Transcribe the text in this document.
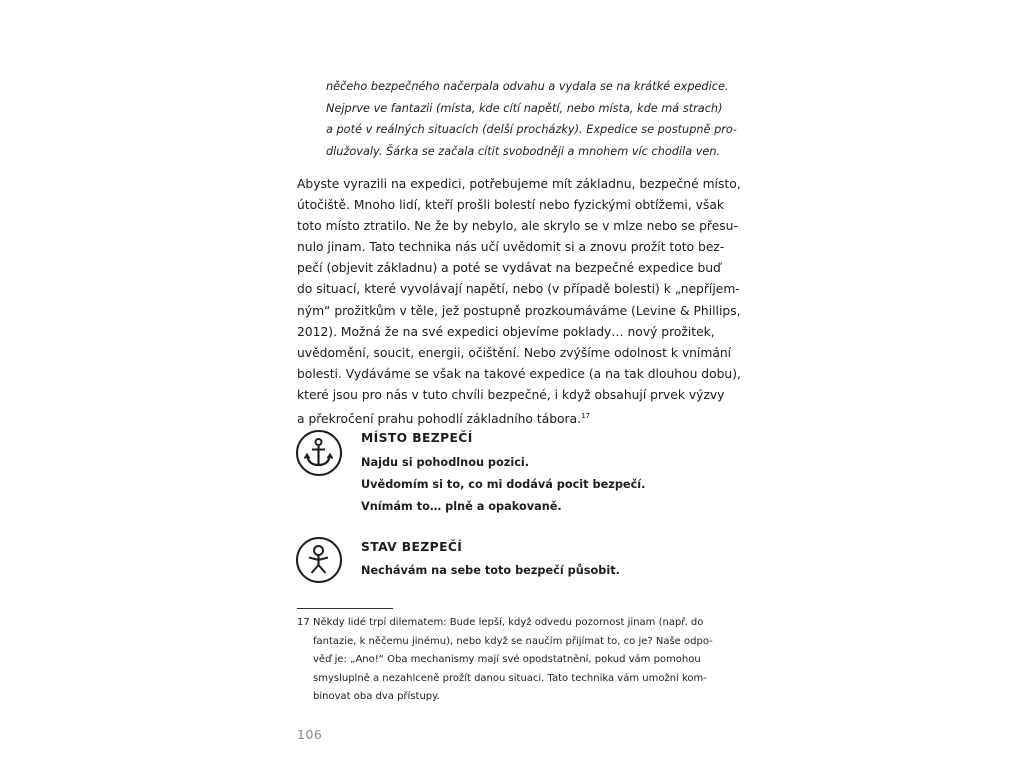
něčeho bezpečného načerpala odvahu a vydala se na krátké expedice.
Nejprve ve fantazii (místa, kde cítí napětí, nebo místa, kde má strach)
a poté v reálných situacích (delší procházky). Expedice se postupně pro-
dlužovaly. Šárka se začala cítit svobodněji a mnohem víc chodila ven.
Abyste vyrazili na expedici, potřebujeme mít základnu, bezpečné místo,
útočiště. Mnoho lidí, kteří prošli bolestí nebo fyzickými obtížemi, však
toto místo ztratilo. Ne že by nebylo, ale skrylo se v mlze nebo se přesu-
nulo jinam. Tato technika nás učí uvědomit si a znovu prožít toto bez-
pečí (objevit základnu) a poté se vydávat na bezpečné expedice buď
do situací, které vyvolávají napětí, nebo (v případě bolesti) k „nepříjem-
ným“ prožitkům v těle, jež postupně prozkoumáváme (Levine & Phillips,
2012). Možná že na své expedici objevíme poklady… nový prožitek,
uvědomění, soucit, energii, očištění. Nebo zvýšíme odolnost k vnímání
bolesti. Vydáváme se však na takové expedice (a na tak dlouhou dobu),
které jsou pro nás v tuto chvíli bezpečné, i když obsahují prvek výzvy
a překročení prahu pohodlí základního tábora.$^{17}$
MÍSTO BEZPEČÍ
Najdu si pohodlnou pozici.
Uvědomím si to, co mi dodává pocit bezpečí.
Vnímám to… plně a opakovaně.
STAV BEZPEČÍ
Nechávám na sebe toto bezpečí působit.
17 Někdy lidé trpí dilematem: Bude lepší, když odvedu pozornost jinam (např. do
fantazie, k něčemu jinému), nebo když se naučím přijímat to, co je? Naše odpo-
věď je: „Ano!“ Oba mechanismy mají své opodstatnění, pokud vám pomohou
smysluplně a nezahlceně prožít danou situaci. Tato technika vám umožní kom-
binovat oba dva přístupy.
106
